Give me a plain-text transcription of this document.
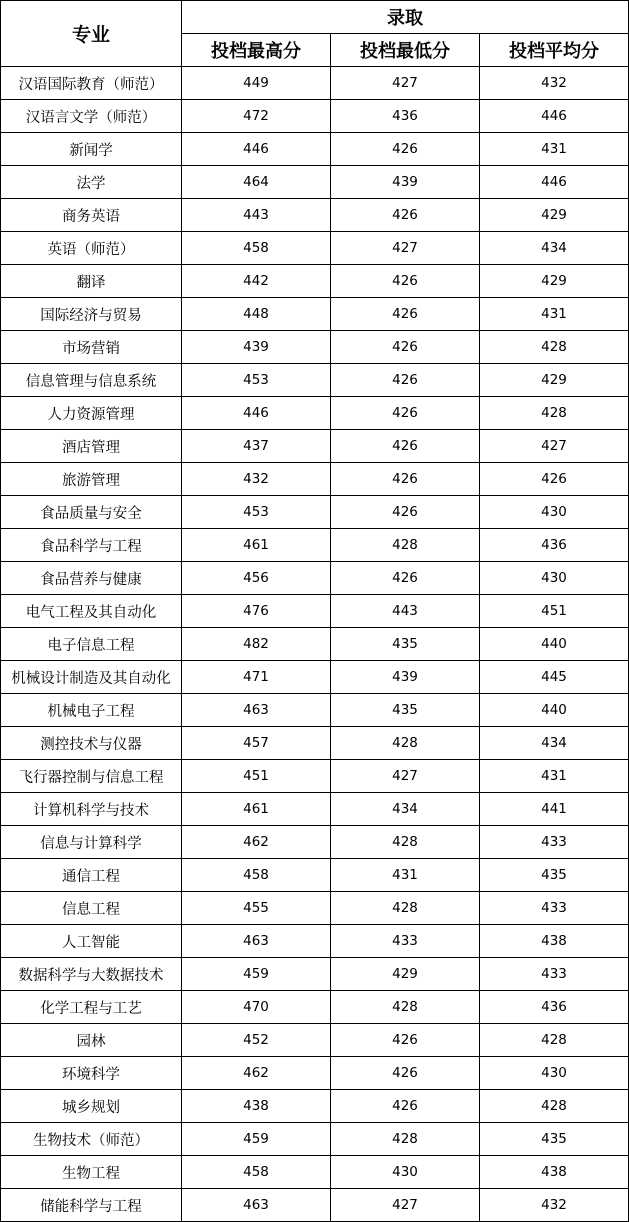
专业	录取		
	投档最高分	投档最低分	投档平均分
汉语国际教育（师范）	449	427	432
汉语言文学（师范）	472	436	446
新闻学	446	426	431
法学	464	439	446
商务英语	443	426	429
英语（师范）	458	427	434
翻译	442	426	429
国际经济与贸易	448	426	431
市场营销	439	426	428
信息管理与信息系统	453	426	429
人力资源管理	446	426	428
酒店管理	437	426	427
旅游管理	432	426	426
食品质量与安全	453	426	430
食品科学与工程	461	428	436
食品营养与健康	456	426	430
电气工程及其自动化	476	443	451
电子信息工程	482	435	440
机械设计制造及其自动化	471	439	445
机械电子工程	463	435	440
测控技术与仪器	457	428	434
飞行器控制与信息工程	451	427	431
计算机科学与技术	461	434	441
信息与计算科学	462	428	433
通信工程	458	431	435
信息工程	455	428	433
人工智能	463	433	438
数据科学与大数据技术	459	429	433
化学工程与工艺	470	428	436
园林	452	426	428
环境科学	462	426	430
城乡规划	438	426	428
生物技术（师范）	459	428	435
生物工程	458	430	438
储能科学与工程	463	427	432
